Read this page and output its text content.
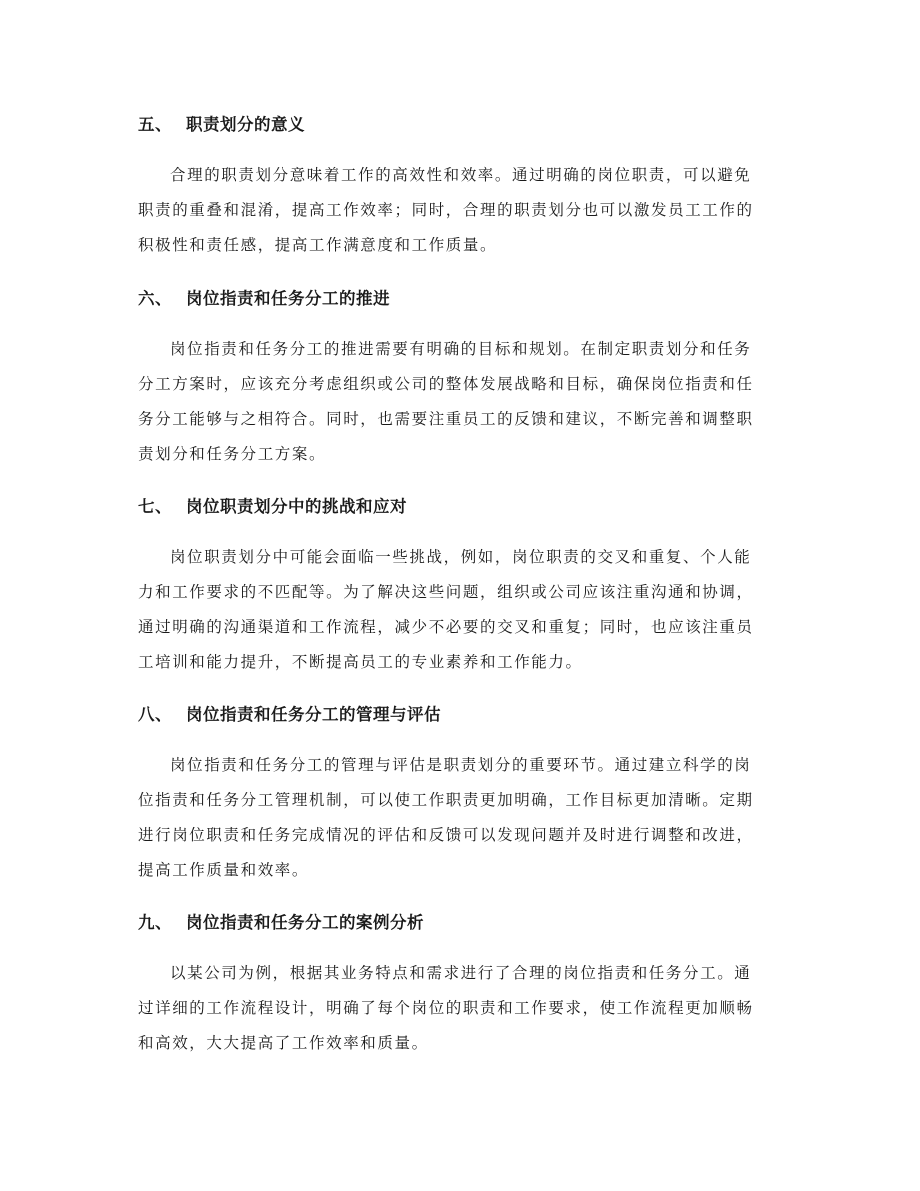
五、 职责划分的意义
合理的职责划分意味着工作的高效性和效率。通过明确的岗位职责，可以避免
职责的重叠和混淆，提高工作效率；同时，合理的职责划分也可以激发员工工作的
积极性和责任感，提高工作满意度和工作质量。
六、 岗位指责和任务分工的推进
岗位指责和任务分工的推进需要有明确的目标和规划。在制定职责划分和任务
分工方案时，应该充分考虑组织或公司的整体发展战略和目标，确保岗位指责和任
务分工能够与之相符合。同时，也需要注重员工的反馈和建议，不断完善和调整职
责划分和任务分工方案。
七、 岗位职责划分中的挑战和应对
岗位职责划分中可能会面临一些挑战，例如，岗位职责的交叉和重复、个人能
力和工作要求的不匹配等。为了解决这些问题，组织或公司应该注重沟通和协调，
通过明确的沟通渠道和工作流程，减少不必要的交叉和重复；同时，也应该注重员
工培训和能力提升，不断提高员工的专业素养和工作能力。
八、 岗位指责和任务分工的管理与评估
岗位指责和任务分工的管理与评估是职责划分的重要环节。通过建立科学的岗
位指责和任务分工管理机制，可以使工作职责更加明确，工作目标更加清晰。定期
进行岗位职责和任务完成情况的评估和反馈可以发现问题并及时进行调整和改进，
提高工作质量和效率。
九、 岗位指责和任务分工的案例分析
以某公司为例，根据其业务特点和需求进行了合理的岗位指责和任务分工。通
过详细的工作流程设计，明确了每个岗位的职责和工作要求，使工作流程更加顺畅
和高效，大大提高了工作效率和质量。
